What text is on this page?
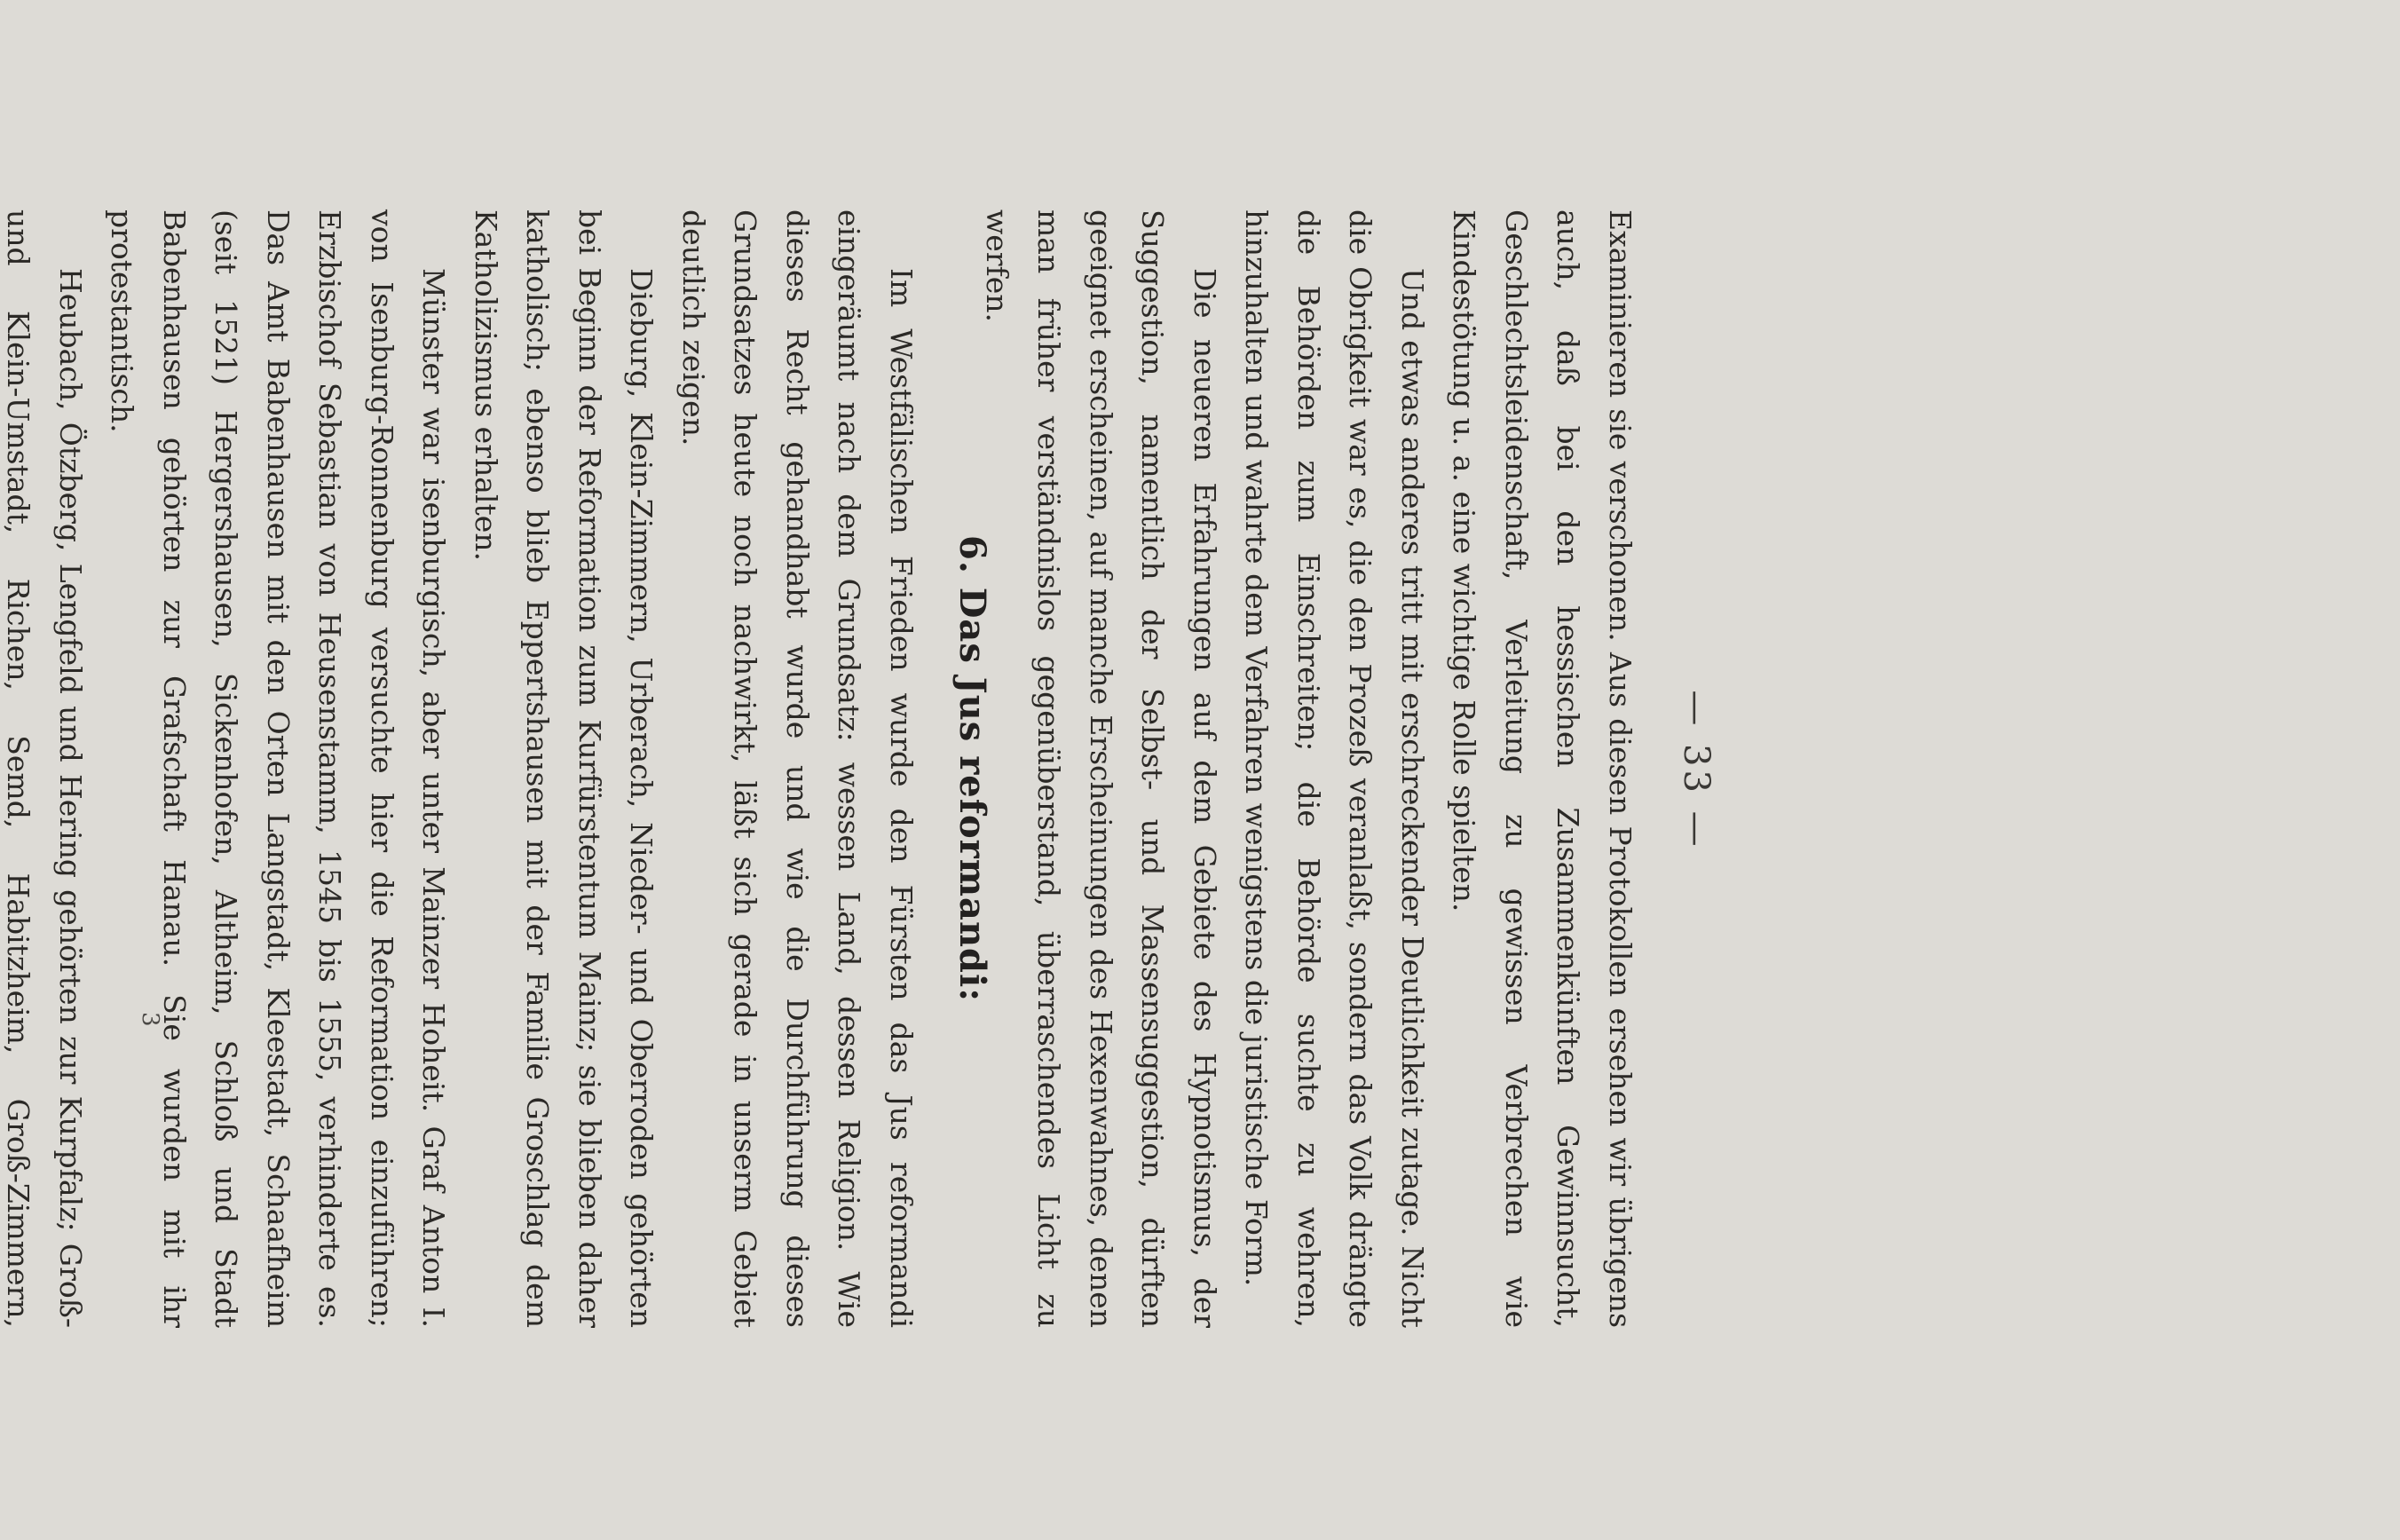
— 33 —

Examinieren sie verschonen. Aus diesen Protokollen ersehen wir übrigens auch, daß bei den hessischen Zusammenkünften Gewinnsucht, Geschlechtsleidenschaft, Verleitung zu gewissen Verbrechen wie Kindestötung u. a. eine wichtige Rolle spielten.

Und etwas anderes tritt mit erschreckender Deutlichkeit zutage. Nicht die Obrigkeit war es, die den Prozeß veranlaßt, sondern das Volk drängte die Behörden zum Einschreiten; die Behörde suchte zu wehren, hinzuhalten und wahrte dem Verfahren wenigstens die juristische Form.

Die neueren Erfahrungen auf dem Gebiete des Hypnotismus, der Suggestion, namentlich der Selbst- und Massensuggestion, dürften geeignet erscheinen, auf manche Erscheinungen des Hexenwahnes, denen man früher verständnislos gegenüberstand, überraschendes Licht zu werfen.

6. Das Jus reformandi:

Im Westfälischen Frieden wurde den Fürsten das Jus reformandi eingeräumt nach dem Grundsatz: wessen Land, dessen Religion. Wie dieses Recht gehandhabt wurde und wie die Durchführung dieses Grundsatzes heute noch nachwirkt, läßt sich gerade in unserm Gebiet deutlich zeigen.

Dieburg, Klein-Zimmern, Urberach, Nieder- und Oberroden gehörten bei Beginn der Reformation zum Kurfürstentum Mainz; sie blieben daher katholisch; ebenso blieb Eppertshausen mit der Familie Groschlag dem Katholizismus erhalten.

Münster war isenburgisch, aber unter Mainzer Hoheit. Graf Anton I. von Isenburg-Ronnenburg versuchte hier die Reformation einzuführen; Erzbischof Sebastian von Heusenstamm, 1545 bis 1555, verhinderte es. Das Amt Babenhausen mit den Orten Langstadt, Kleestadt, Schaafheim (seit 1521) Hergershausen, Sickenhofen, Altheim, Schloß und Stadt Babenhausen gehörten zur Grafschaft Hanau. Sie wurden mit ihr protestantisch.

Heubach, Ötzberg, Lengfeld und Hering gehörten zur Kurpfalz; Groß- und Klein-Umstadt, Richen, Semd, Habitzheim, Groß-Zimmern,

3
